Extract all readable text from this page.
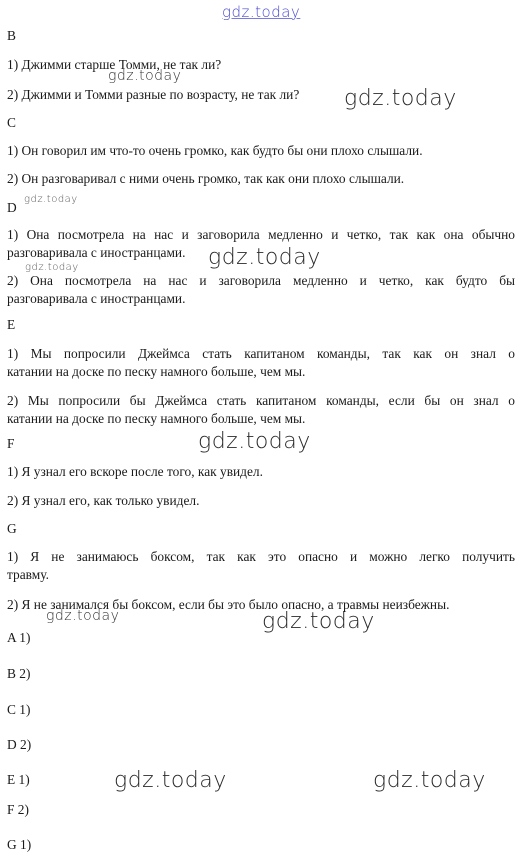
gdz.today
gdz.today
gdz.today
gdz.today
gdz.today
gdz.today
gdz.today
gdz.today	gdz.today
gdz.today	gdz.today
B
1) Джимми старше Томми, не так ли?
2) Джимми и Томми разные по возрасту, не так ли?
C
1) Он говорил им что-то очень громко, как будто бы они плохо слышали.
2) Он разговаривал с ними очень громко, так как они плохо слышали.
D
1) Она посмотрела на нас и заговорила медленно и четко, так как она обычно
разговаривала с иностранцами.
2) Она посмотрела на нас и заговорила медленно и четко, как будто бы
разговаривала с иностранцами.
E
1) Мы попросили Джеймса стать капитаном команды, так как он знал о
катании на доске по песку намного больше, чем мы.
2) Мы попросили бы Джеймса стать капитаном команды, если бы он знал о
катании на доске по песку намного больше, чем мы.
F
1) Я узнал его вскоре после того, как увидел.
2) Я узнал его, как только увидел.
G
1) Я не занимаюсь боксом, так как это опасно и можно легко получить
травму.
2) Я не занимался бы боксом, если бы это было опасно, а травмы неизбежны.
A 1)
B 2)
C 1)
D 2)
E 1)
F 2)
G 1)
